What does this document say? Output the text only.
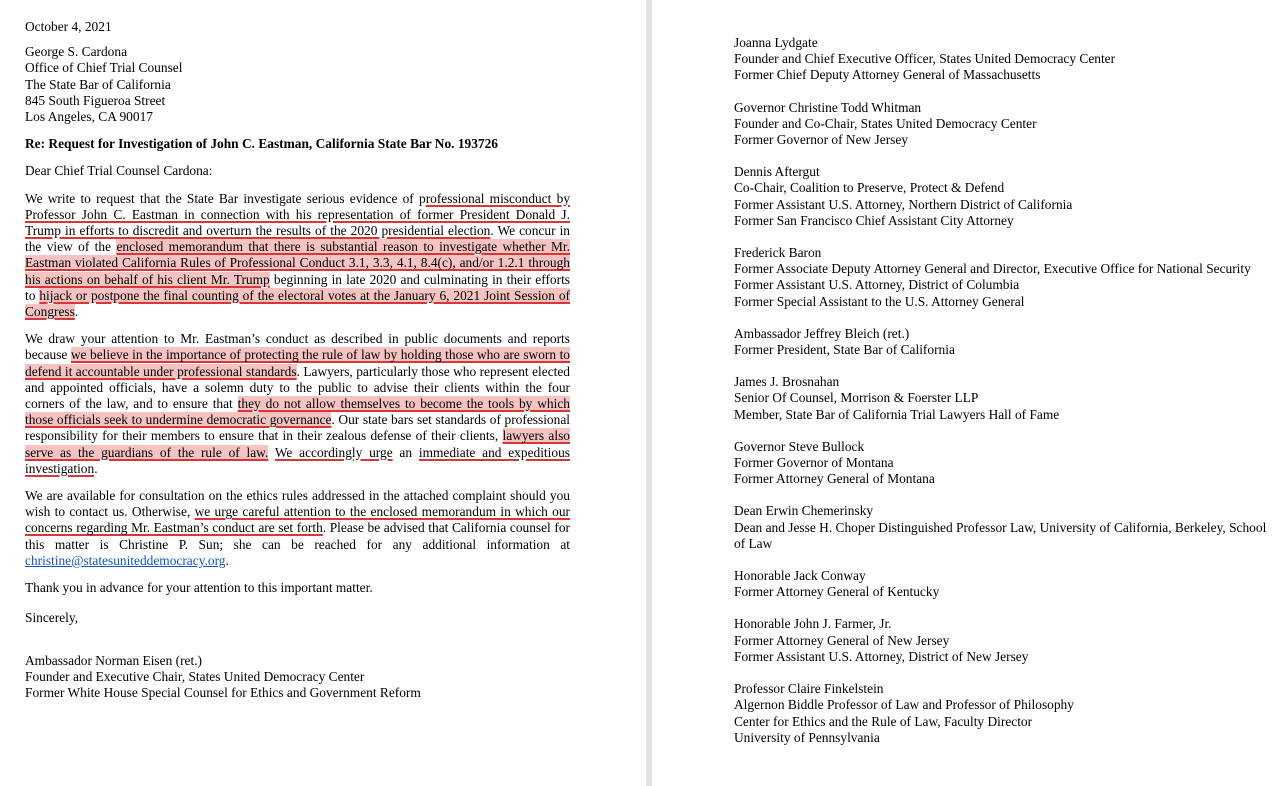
October 4, 2021

George S. Cardona
Office of Chief Trial Counsel
The State Bar of California
845 South Figueroa Street
Los Angeles, CA 90017

Re: Request for Investigation of John C. Eastman, California State Bar No. 193726

Dear Chief Trial Counsel Cardona:

We write to request that the State Bar investigate serious evidence of professional misconduct by Professor John C. Eastman in connection with his representation of former President Donald J. Trump in efforts to discredit and overturn the results of the 2020 presidential election. We concur in the view of the enclosed memorandum that there is substantial reason to investigate whether Mr. Eastman violated California Rules of Professional Conduct 3.1, 3.3, 4.1, 8.4(c), and/or 1.2.1 through his actions on behalf of his client Mr. Trump beginning in late 2020 and culminating in their efforts to hijack or postpone the final counting of the electoral votes at the January 6, 2021 Joint Session of Congress.

We draw your attention to Mr. Eastman’s conduct as described in public documents and reports because we believe in the importance of protecting the rule of law by holding those who are sworn to defend it accountable under professional standards. Lawyers, particularly those who represent elected and appointed officials, have a solemn duty to the public to advise their clients within the four corners of the law, and to ensure that they do not allow themselves to become the tools by which those officials seek to undermine democratic governance. Our state bars set standards of professional responsibility for their members to ensure that in their zealous defense of their clients, lawyers also serve as the guardians of the rule of law. We accordingly urge an immediate and expeditious investigation.

We are available for consultation on the ethics rules addressed in the attached complaint should you wish to contact us. Otherwise, we urge careful attention to the enclosed memorandum in which our concerns regarding Mr. Eastman’s conduct are set forth. Please be advised that California counsel for this matter is Christine P. Sun; she can be reached for any additional information at christine@statesuniteddemocracy.org.

Thank you in advance for your attention to this important matter.

Sincerely,

Ambassador Norman Eisen (ret.)
Founder and Executive Chair, States United Democracy Center
Former White House Special Counsel for Ethics and Government Reform
Joanna Lydgate
Founder and Chief Executive Officer, States United Democracy Center
Former Chief Deputy Attorney General of Massachusetts
Governor Christine Todd Whitman
Founder and Co-Chair, States United Democracy Center
Former Governor of New Jersey
Dennis Aftergut
Co-Chair, Coalition to Preserve, Protect & Defend
Former Assistant U.S. Attorney, Northern District of California
Former San Francisco Chief Assistant City Attorney
Frederick Baron
Former Associate Deputy Attorney General and Director, Executive Office for National Security
Former Assistant U.S. Attorney, District of Columbia
Former Special Assistant to the U.S. Attorney General
Ambassador Jeffrey Bleich (ret.)
Former President, State Bar of California
James J. Brosnahan
Senior Of Counsel, Morrison & Foerster LLP
Member, State Bar of California Trial Lawyers Hall of Fame
Governor Steve Bullock
Former Governor of Montana
Former Attorney General of Montana
Dean Erwin Chemerinsky
Dean and Jesse H. Choper Distinguished Professor Law, University of California, Berkeley, School of Law
Honorable Jack Conway
Former Attorney General of Kentucky
Honorable John J. Farmer, Jr.
Former Attorney General of New Jersey
Former Assistant U.S. Attorney, District of New Jersey
Professor Claire Finkelstein
Algernon Biddle Professor of Law and Professor of Philosophy
Center for Ethics and the Rule of Law, Faculty Director
University of Pennsylvania
